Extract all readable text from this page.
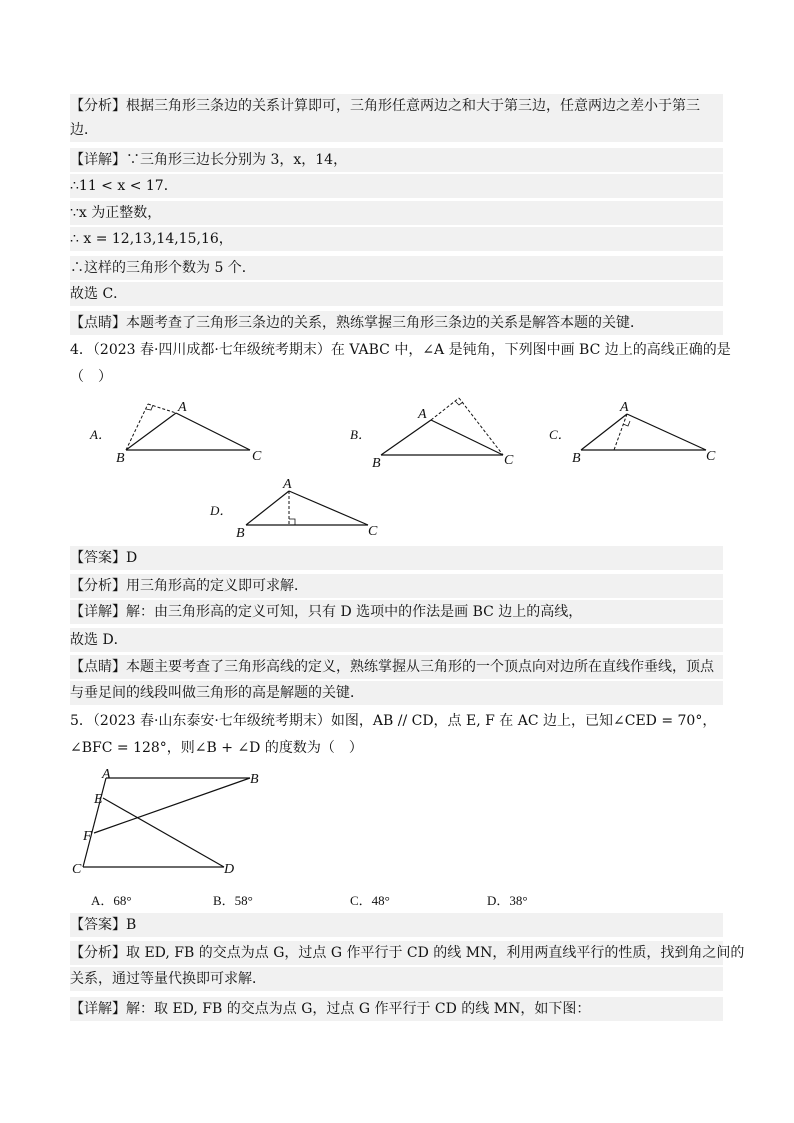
【分析】根据三角形三条边的关系计算即可，三角形任意两边之和大于第三边，任意两边之差小于第三
边．
【详解】∵三角形三边长分别为 3，x，14，
∴11 < x < 17．
∵x 为正整数，
∴ x = 12,13,14,15,16，
∴这样的三角形个数为 5 个．
故选 C．
【点睛】本题考查了三角形三条边的关系，熟练掌握三角形三条边的关系是解答本题的关键．
4．（2023 春·四川成都·七年级统考期末）在 VABC 中，∠A 是钝角，下列图中画 BC 边上的高线正确的是
（　）
A．
A
B	C
B．
A
B	C
C．
A
B	C
D．
A
B	C
【答案】D
【分析】用三角形高的定义即可求解．
【详解】解：由三角形高的定义可知，只有 D 选项中的作法是画 BC 边上的高线，
故选 D．
【点睛】本题主要考查了三角形高线的定义，熟练掌握从三角形的一个顶点向对边所在直线作垂线，顶点
与垂足间的线段叫做三角形的高是解题的关键．
5．（2023 春·山东泰安·七年级统考期末）如图，AB // CD，点 E, F 在 AC 边上，已知∠CED = 70°，
∠BFC = 128°，则∠B + ∠D 的度数为（　）
A	B
E
F
C	D
A．68°	B．58°	C．48°	D．38°
【答案】B
【分析】取 ED, FB 的交点为点 G，过点 G 作平行于 CD 的线 MN，利用两直线平行的性质，找到角之间的
关系，通过等量代换即可求解．
【详解】解：取 ED, FB 的交点为点 G，过点 G 作平行于 CD 的线 MN，如下图：
